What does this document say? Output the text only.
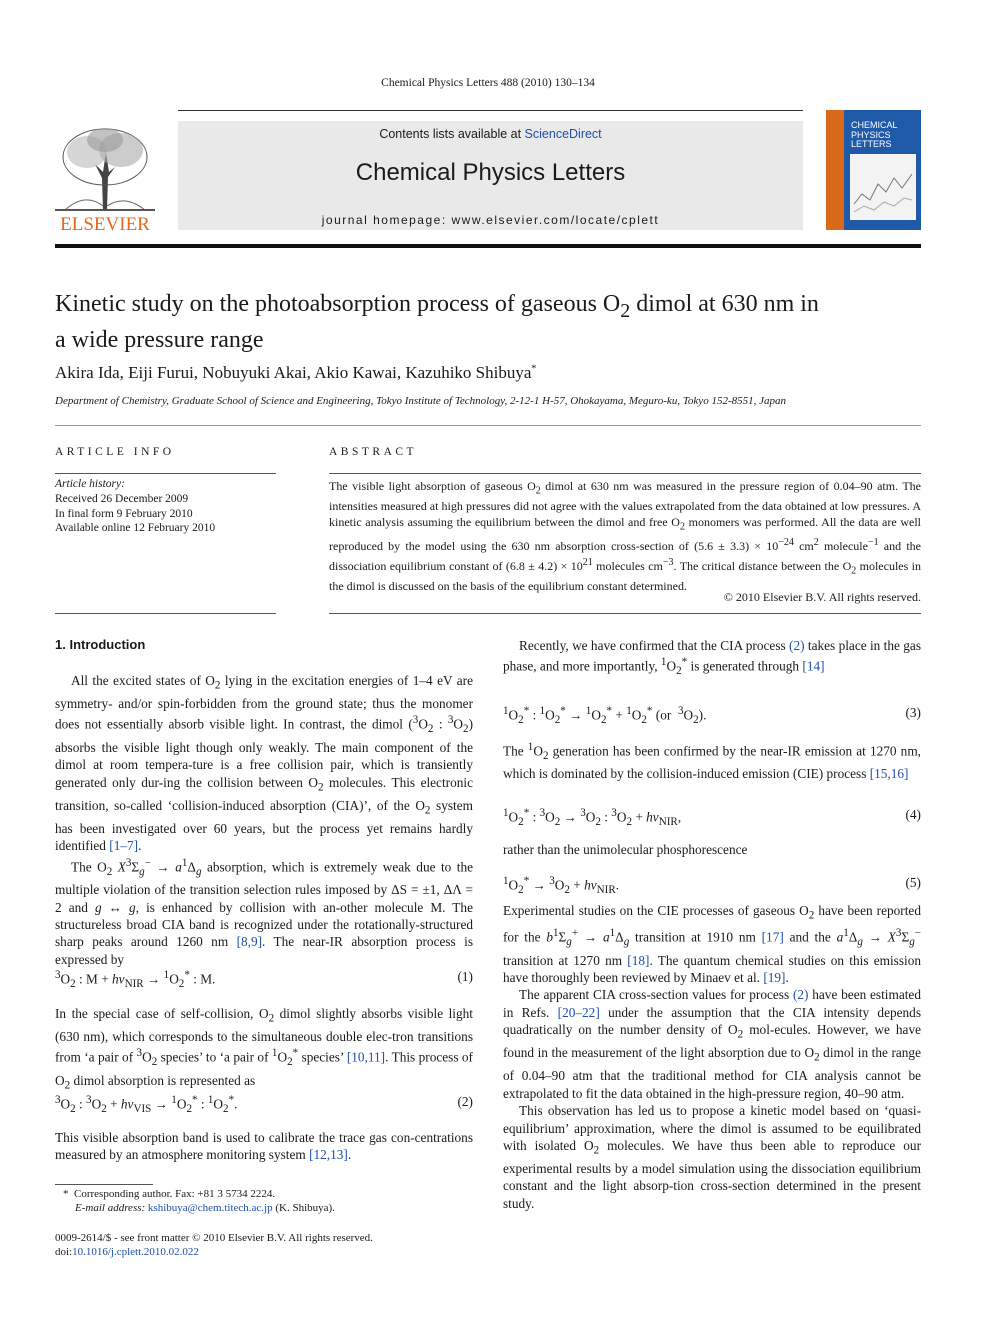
Chemical Physics Letters 488 (2010) 130–134
ELSEVIER
Contents lists available at ScienceDirect
Chemical Physics Letters
journal homepage: www.elsevier.com/locate/cplett
CHEMICAL
PHYSICS
LETTERS
Kinetic study on the photoabsorption process of gaseous $O_2$ dimol at 630 nm in
a wide pressure range
Akira Ida, Eiji Furui, Nobuyuki Akai, Akio Kawai, Kazuhiko Shibuya*
Department of Chemistry, Graduate School of Science and Engineering, Tokyo Institute of Technology, 2-12-1 H-57, Ohokayama, Meguro-ku, Tokyo 152-8551, Japan
ARTICLE INFO
Article history:
Received 26 December 2009
In final form 9 February 2010
Available online 12 February 2010
ABSTRACT
The visible light absorption of gaseous $O_2$ dimol at 630 nm was measured in the pressure region of 0.04–90 atm. The intensities measured at high pressures did not agree with the values extrapolated from the data obtained at low pressures. A kinetic analysis assuming the equilibrium between the dimol and free $O_2$ monomers was performed. All the data are well reproduced by the model using the 630 nm absorption cross-section of $(5.6 \pm 3.3) \times 10^{-24}$ $cm^2$ molecule$^{-1}$ and the dissociation equilibrium constant of $(6.8 \pm 4.2) \times 10^{21}$ molecules $cm^{-3}$. The critical distance between the $O_2$ molecules in the dimol is discussed on the basis of the equilibrium constant determined.
© 2010 Elsevier B.V. All rights reserved.
1. Introduction

All the excited states of $O_2$ lying in the excitation energies of 1–4 eV are symmetry- and/or spin-forbidden from the ground state; thus the monomer does not essentially absorb visible light. In contrast, the dimol ($^3O_2$ : $^3O_2$) absorbs the visible light though only weakly. The main component of the dimol at room tempera-ture is a free collision pair, which is transiently generated only dur-ing the collision between $O_2$ molecules. This electronic transition, so-called ‘collision-induced absorption (CIA)’, of the $O_2$ system has been investigated over 60 years, but the process yet remains hardly identified [1–7].

The $O_2$ $X^3\Sigma_g^- \to a^1\Delta_g$ absorption, which is extremely weak due to the multiple violation of the transition selection rules imposed by ΔS = ±1, ΔΛ = 2 and g ↔ g, is enhanced by collision with an-other molecule M. The structureless broad CIA band is recognized under the rotationally-structured sharp peaks around 1260 nm [8,9]. The near-IR absorption process is expressed by

$^3O_2$ : $M + h\nu_{NIR} \to ^1O_2^*$ : M.	(1)

In the special case of self-collision, $O_2$ dimol slightly absorbs visible light (630 nm), which corresponds to the simultaneous double elec-tron transitions from ‘a pair of $^3O_2$ species’ to ‘a pair of $^1O_2^*$ species’ [10,11]. This process of $O_2$ dimol absorption is represented as

$^3O_2$ : $^3O_2 + h\nu_{VIS} \to ^1O_2^*$ : $^1O_2^*$.	(2)

This visible absorption band is used to calibrate the trace gas con-centrations measured by an atmosphere monitoring system [12,13].

* Corresponding author. Fax: +81 3 5734 2224.
E-mail address: kshibuya@chem.titech.ac.jp (K. Shibuya).
0009-2614/$ - see front matter © 2010 Elsevier B.V. All rights reserved.
doi:10.1016/j.cplett.2010.02.022

Recently, we have confirmed that the CIA process (2) takes place in the gas phase, and more importantly, $^1O_2^*$ is generated through [14]

$^1O_2^*$ : $^1O_2^* \to ^1O_2^* + ^1O_2^*$ (or  $^3O_2$).	(3)

The $^1O_2$ generation has been confirmed by the near-IR emission at 1270 nm, which is dominated by the collision-induced emission (CIE) process [15,16]

$^1O_2^*$ : $^3O_2 \to ^3O_2$ : $^3O_2 + h\nu_{NIR}$,	(4)

rather than the unimolecular phosphorescence

$^1O_2^* \to ^3O_2 + h\nu_{NIR}$.	(5)

Experimental studies on the CIE processes of gaseous $O_2$ have been reported for the $b^1\Sigma_g^+ \to a^1\Delta_g$ transition at 1910 nm [17] and the $a^1\Delta_g \to X^3\Sigma_g^-$ transition at 1270 nm [18]. The quantum chemical studies on this emission have thoroughly been reviewed by Minaev et al. [19].

The apparent CIA cross-section values for process (2) have been estimated in Refs. [20–22] under the assumption that the CIA intensity depends quadratically on the number density of $O_2$ mol-ecules. However, we have found in the measurement of the light absorption due to $O_2$ dimol in the range of 0.04–90 atm that the traditional method for CIA analysis cannot be extrapolated to fit the data obtained in the high-pressure region, 40–90 atm.

This observation has led us to propose a kinetic model based on ‘quasi-equilibrium’ approximation, where the dimol is assumed to be equilibrated with isolated $O_2$ molecules. We have thus been able to reproduce our experimental results by a model simulation using the dissociation equilibrium constant and the light absorp-tion cross-section determined in the present study.
